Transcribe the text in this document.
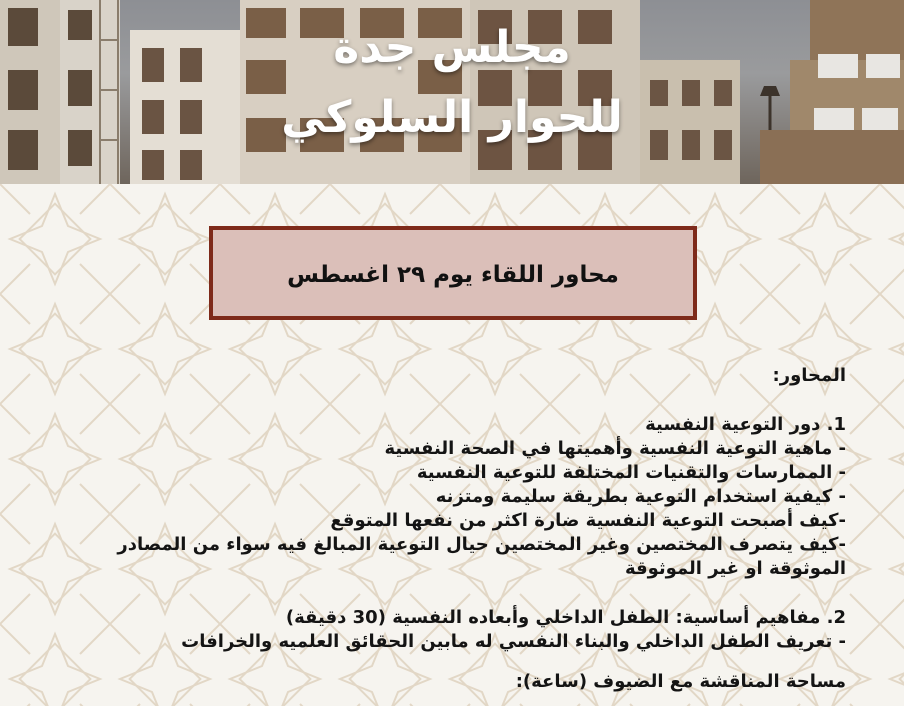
مجلس جدة
للحوار السلوكي
محاور اللقاء يوم ٢٩ اغسطس
المحاور:
1. دور التوعية النفسية
- ماهية التوعية النفسية وأهميتها في الصحة النفسية
- الممارسات والتقنيات المختلفة للتوعية النفسية
- كيفية استخدام التوعية بطريقة سليمة ومتزنه
-كيف أصبحت التوعية النفسية ضارة اكثر من نفعها المتوقع
-كيف يتصرف المختصين وغير المختصين حيال التوعية المبالغ فيه سواء من المصادر الموثوقة او غير الموثوقة
2. مفاهيم أساسية: الطفل الداخلي وأبعاده النفسية (30 دقيقة)
- تعريف الطفل الداخلي والبناء النفسي له مابين الحقائق العلميه والخرافات
مساحة المناقشة مع الضيوف (ساعة):
